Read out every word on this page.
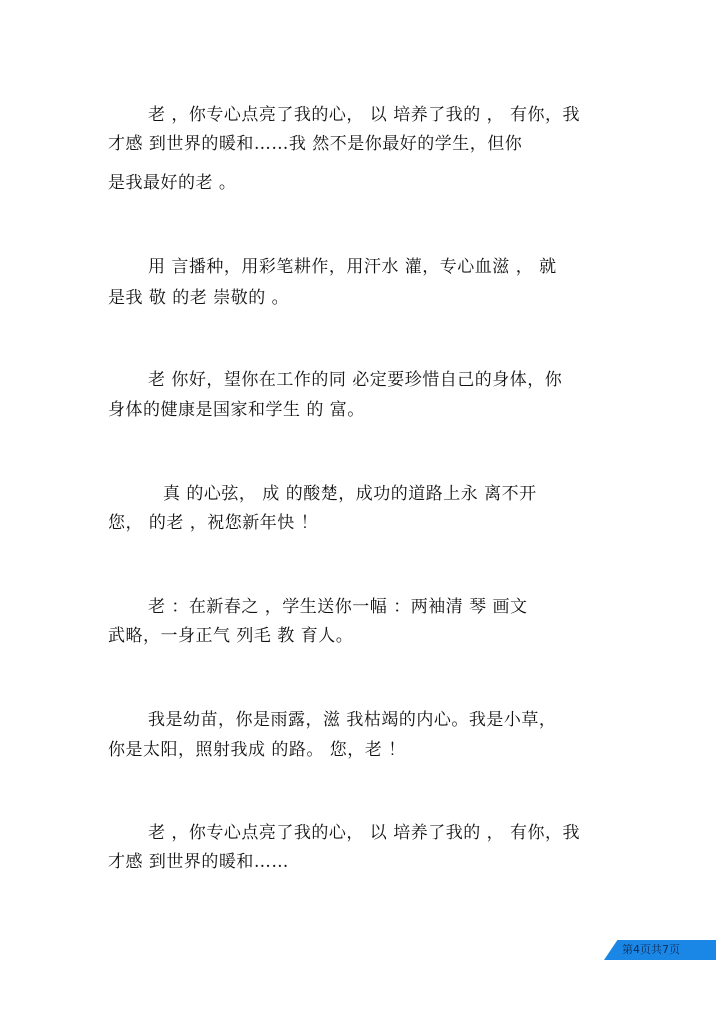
老 ，你专心点亮了我的心， 以 培养了我的 ， 有你，我

才感 到世界的暖和……我 然不是你最好的学生，但你

是我最好的老 。

用 言播种，用彩笔耕作，用汗水 灌，专心血滋 ， 就

是我 敬 的老 崇敬的 。

老 你好，望你在工作的同 必定要珍惜自己的身体，你

身体的健康是国家和学生 的 富。

真 的心弦， 成 的酸楚，成功的道路上永 离不开

您， 的老 ，祝您新年快 ！

老 ：在新春之 ，学生送你一幅 ：两袖清 琴 画文

武略，一身正气 列毛 教 育人。

我是幼苗，你是雨露，滋 我枯竭的内心。我是小草，

你是太阳，照射我成 的路。 您，老 ！

老 ，你专心点亮了我的心， 以 培养了我的 ， 有你，我

才感 到世界的暖和……

第4页共7页
